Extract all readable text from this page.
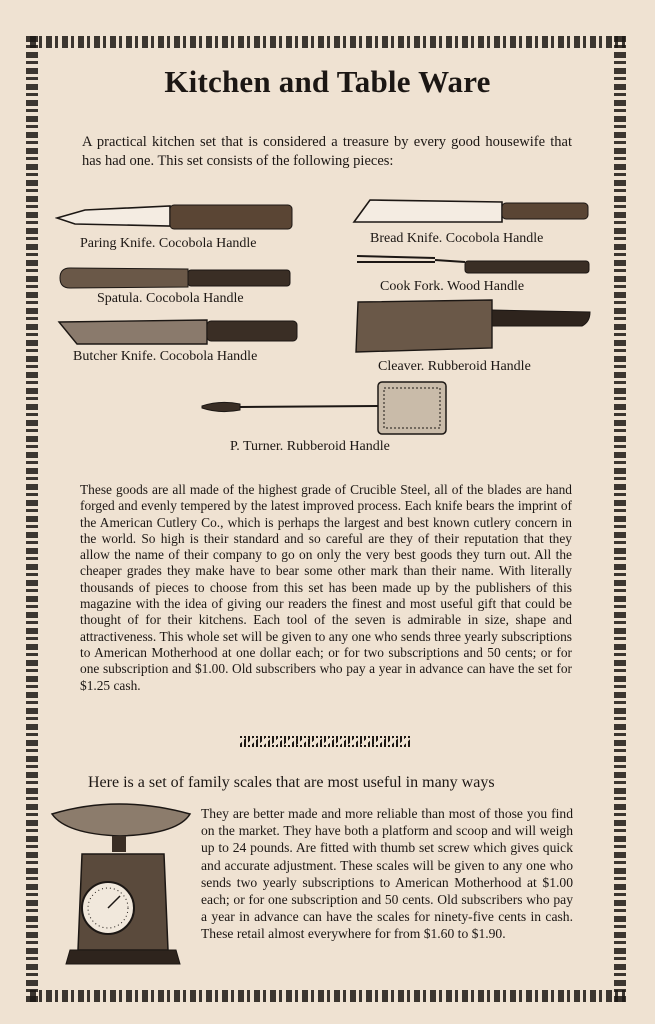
Kitchen and Table Ware

A practical kitchen set that is considered a treasure by every good housewife that has had one. This set consists of the following pieces:

Paring Knife. Cocobola Handle	Bread Knife. Cocobola Handle
Spatula. Cocobola Handle
Cook Fork. Wood Handle
Butcher Knife. Cocobola Handle
Cleaver. Rubberoid Handle
P. Turner. Rubberoid Handle

These goods are all made of the highest grade of Crucible Steel, all of the blades are hand forged and evenly tempered by the latest improved process. Each knife bears the imprint of the American Cutlery Co., which is perhaps the largest and best known cutlery concern in the world. So high is their standard and so careful are they of their reputation that they allow the name of their company to go on only the very best goods they turn out. All the cheaper grades they make have to bear some other mark than their name. With literally thousands of pieces to choose from this set has been made up by the publishers of this magazine with the idea of giving our readers the finest and most useful gift that could be thought of for their kitchens. Each tool of the seven is admirable in size, shape and attractiveness. This whole set will be given to any one who sends three yearly subscriptions to American Motherhood at one dollar each; or for two subscriptions and 50 cents; or for one subscription and $1.00. Old subscribers who pay a year in advance can have the set for $1.25 cash.

Here is a set of family scales that are most useful in many ways

They are better made and more reliable than most of those you find on the market. They have both a platform and scoop and will weigh up to 24 pounds. Are fitted with thumb set screw which gives quick and accurate adjustment. These scales will be given to any one who sends two yearly subscriptions to American Motherhood at $1.00 each; or for one subscription and 50 cents. Old subscribers who pay a year in advance can have the scales for ninety-five cents in cash. These retail almost everywhere for from $1.60 to $1.90.
